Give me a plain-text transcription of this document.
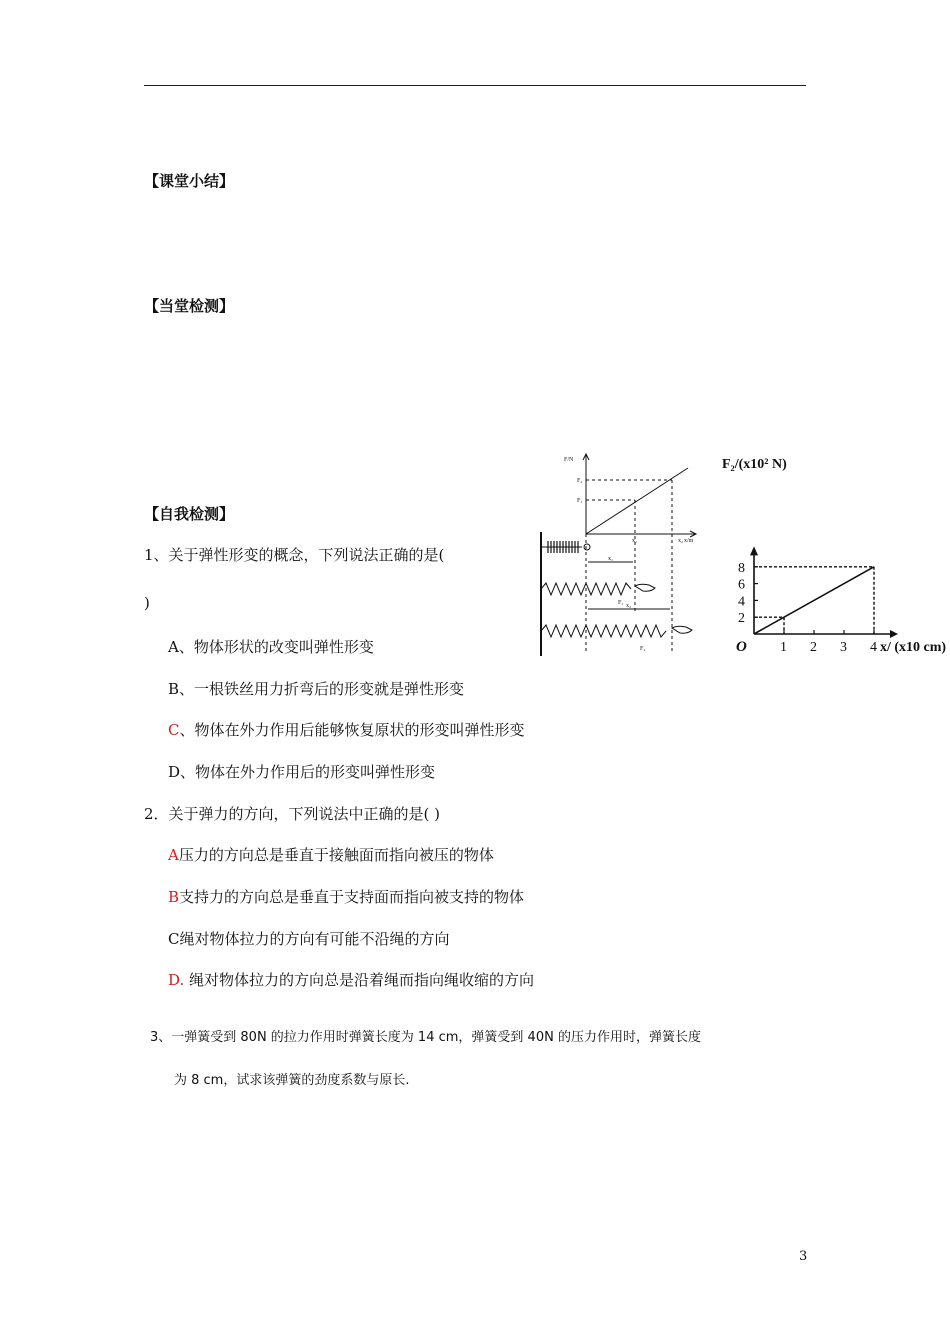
【课堂小结】
【当堂检测】
【自我检测】
1、关于弹性形变的概念，下列说法正确的是(
)
A、物体形状的改变叫弹性形变
B、一根铁丝用力折弯后的形变就是弹性形变
C、物体在外力作用后能够恢复原状的形变叫弹性形变
D、物体在外力作用后的形变叫弹性形变
2．关于弹力的方向，下列说法中正确的是( )
A压力的方向总是垂直于接触面而指向被压的物体
B支持力的方向总是垂直于支持面而指向被支持的物体
C绳对物体拉力的方向有可能不沿绳的方向
D. 绳对物体拉力的方向总是沿着绳而指向绳收缩的方向
3、一弹簧受到 80N 的拉力作用时弹簧长度为 14 cm，弹簧受到 40N 的压力作用时，弹簧长度
为 8 cm，试求该弹簧的劲度系数与原长.
F/N
x/m
F₁
F₂
x₁	x₂
x₁
x₂
F₁
F₂	1 2 3 4
2
4
6
8
O
F₂/(x10² N)
x/ (x10 cm)
3
